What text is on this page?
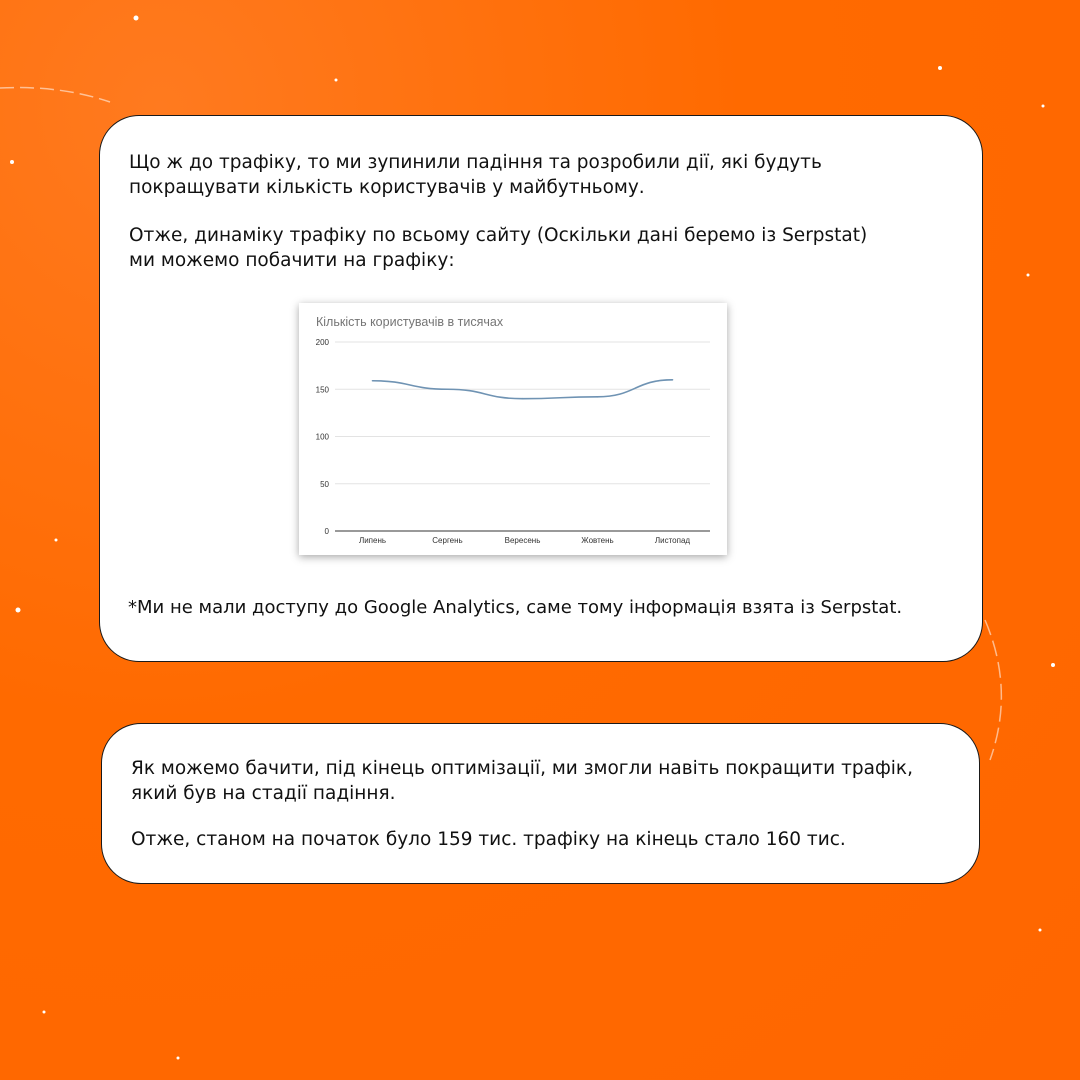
Що ж до трафіку, то ми зупинили падіння та розробили дії, які будуть
покращувати кількість користувачів у майбутньому.

Отже, динаміку трафіку по всьому сайту (Оскільки дані беремо із Serpstat)
ми можемо побачити на графіку:

Кількість користувачів в тисячах
0
50
100
150
200
Липень	Сергень	Вересень	Жовтень	Листопад

*Ми не мали доступу до Google Analytics, саме тому інформація взята із Serpstat.

Як можемо бачити, під кінець оптимізації, ми змогли навіть покращити трафік,
який був на стадії падіння.

Отже, станом на початок було 159 тис. трафіку на кінець стало 160 тис.
